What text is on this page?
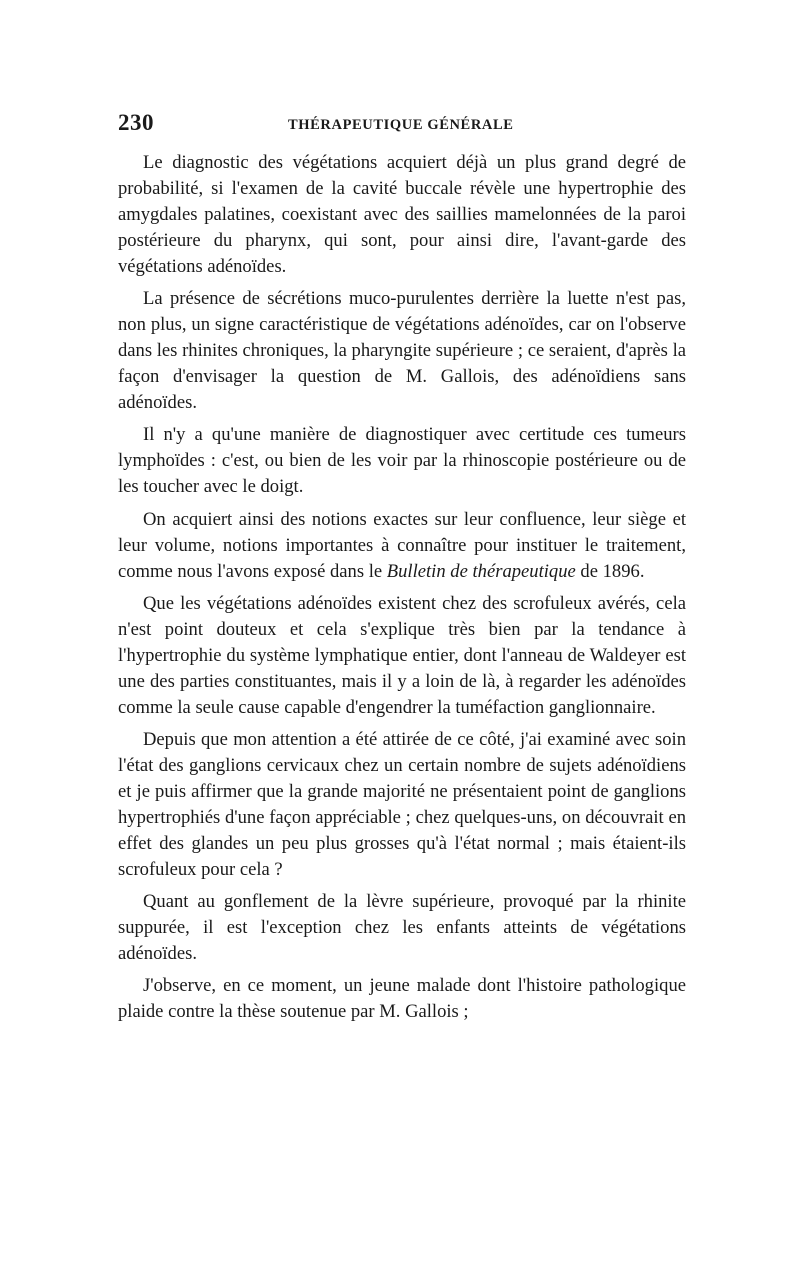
230	THÉRAPEUTIQUE GÉNÉRALE

Le diagnostic des végétations acquiert déjà un plus grand degré de probabilité, si l'examen de la cavité buccale révèle une hypertrophie des amygdales palatines, coexistant avec des saillies mamelonnées de la paroi postérieure du pharynx, qui sont, pour ainsi dire, l'avant-garde des végétations adénoïdes.

La présence de sécrétions muco-purulentes derrière la luette n'est pas, non plus, un signe caractéristique de végétations adénoïdes, car on l'observe dans les rhinites chroniques, la pharyngite supérieure ; ce seraient, d'après la façon d'envisager la question de M. Gallois, des adénoïdiens sans adénoïdes.

Il n'y a qu'une manière de diagnostiquer avec certitude ces tumeurs lymphoïdes : c'est, ou bien de les voir par la rhinoscopie postérieure ou de les toucher avec le doigt.

On acquiert ainsi des notions exactes sur leur confluence, leur siège et leur volume, notions importantes à connaître pour instituer le traitement, comme nous l'avons exposé dans le Bulletin de thérapeutique de 1896.

Que les végétations adénoïdes existent chez des scrofuleux avérés, cela n'est point douteux et cela s'explique très bien par la tendance à l'hypertrophie du système lymphatique entier, dont l'anneau de Waldeyer est une des parties constituantes, mais il y a loin de là, à regarder les adénoïdes comme la seule cause capable d'engendrer la tuméfaction ganglionnaire.

Depuis que mon attention a été attirée de ce côté, j'ai examiné avec soin l'état des ganglions cervicaux chez un certain nombre de sujets adénoïdiens et je puis affirmer que la grande majorité ne présentaient point de ganglions hypertrophiés d'une façon appréciable ; chez quelques-uns, on découvrait en effet des glandes un peu plus grosses qu'à l'état normal ; mais étaient-ils scrofuleux pour cela ?

Quant au gonflement de la lèvre supérieure, provoqué par la rhinite suppurée, il est l'exception chez les enfants atteints de végétations adénoïdes.

J'observe, en ce moment, un jeune malade dont l'histoire pathologique plaide contre la thèse soutenue par M. Gallois ;
